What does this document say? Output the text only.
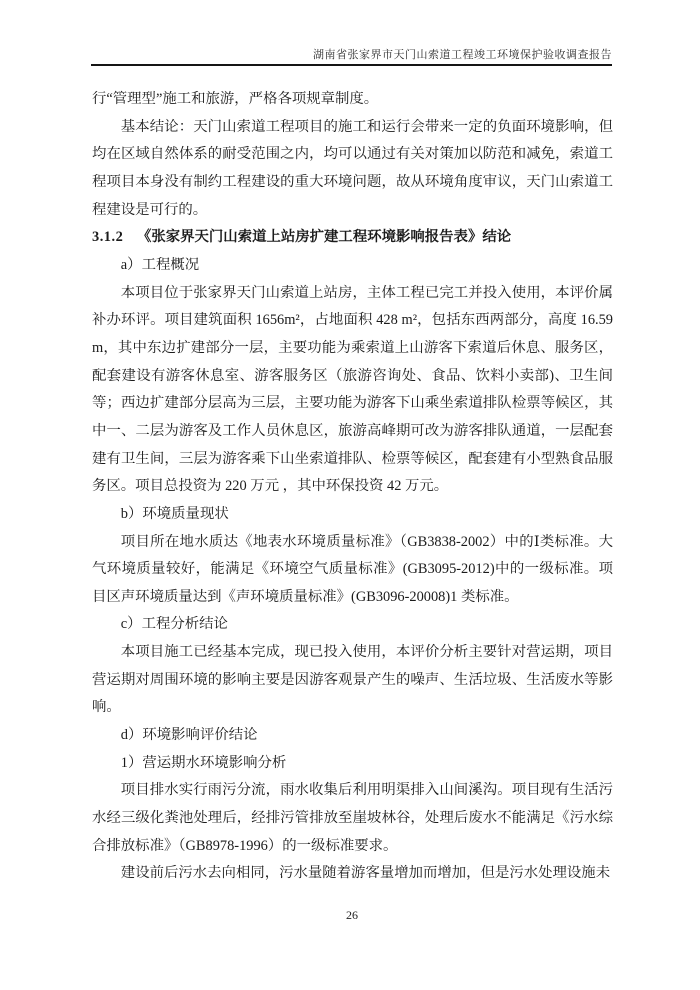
湖南省张家界市天门山索道工程竣工环境保护验收调查报告

行“管理型”施工和旅游，严格各项规章制度。

基本结论：天门山索道工程项目的施工和运行会带来一定的负面环境影响，但均在区域自然体系的耐受范围之内，均可以通过有关对策加以防范和减免，索道工程项目本身没有制约工程建设的重大环境问题，故从环境角度审议，天门山索道工程建设是可行的。

3.1.2 《张家界天门山索道上站房扩建工程环境影响报告表》结论

a）工程概况

本项目位于张家界天门山索道上站房，主体工程已完工并投入使用，本评价属补办环评。项目建筑面积 1656m²，占地面积 428 m²，包括东西两部分，高度 16.59 m，其中东边扩建部分一层，主要功能为乘索道上山游客下索道后休息、服务区，配套建设有游客休息室、游客服务区（旅游咨询处、食品、饮料小卖部)、卫生间等；西边扩建部分层高为三层，主要功能为游客下山乘坐索道排队检票等候区，其中一、二层为游客及工作人员休息区，旅游高峰期可改为游客排队通道，一层配套建有卫生间，三层为游客乘下山坐索道排队、检票等候区，配套建有小型熟食品服务区。项目总投资为 220 万元 ，其中环保投资 42 万元。

b）环境质量现状

项目所在地水质达《地表水环境质量标准》（GB3838-2002）中的Ⅰ类标准。大气环境质量较好，能满足《环境空气质量标准》(GB3095-2012)中的一级标准。项目区声环境质量达到《声环境质量标准》(GB3096-20008)1 类标准。

c）工程分析结论

本项目施工已经基本完成，现已投入使用，本评价分析主要针对营运期，项目营运期对周围环境的影响主要是因游客观景产生的噪声、生活垃圾、生活废水等影响。

d）环境影响评价结论

1）营运期水环境影响分析

项目排水实行雨污分流，雨水收集后利用明渠排入山间溪沟。项目现有生活污水经三级化粪池处理后，经排污管排放至崖坡林谷，处理后废水不能满足《污水综合排放标准》（GB8978-1996）的一级标准要求。

建设前后污水去向相同，污水量随着游客量增加而增加，但是污水处理设施未

26
